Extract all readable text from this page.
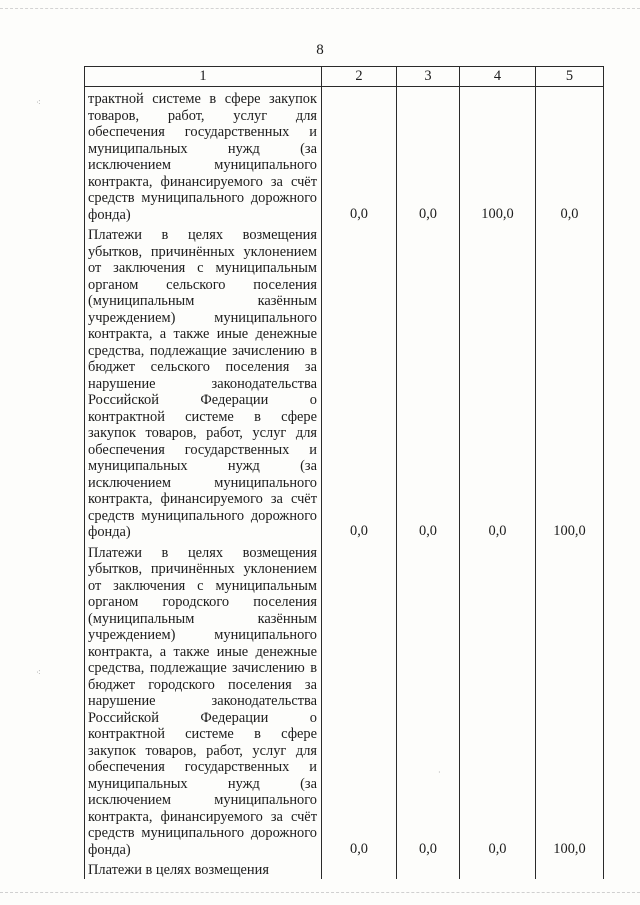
8
1	2	3	4	5
трактной системе в сфере закупок товаров, работ, услуг для обеспечения государственных и муниципальных нужд (за исключением муниципального контракта, финансируемого за счёт средств муниципального дорожного фонда)	0,0	0,0	100,0	0,0
Платежи в целях возмещения убытков, причинённых уклонением от заключения с муниципальным органом сельского поселения (муниципальным казённым учреждением) муниципального контракта, а также иные денежные средства, подлежащие зачислению в бюджет сельского поселения за нарушение законодательства Российской Федерации о контрактной системе в сфере закупок товаров, работ, услуг для обеспечения государственных и муниципальных нужд (за исключением муниципального контракта, финансируемого за счёт средств муниципального дорожного фонда)	0,0	0,0	0,0	100,0
Платежи в целях возмещения убытков, причинённых уклонением от заключения с муниципальным органом городского поселения (муниципальным казённым учреждением) муниципального контракта, а также иные денежные средства, подлежащие зачислению в бюджет городского поселения за нарушение законодательства Российской Федерации о контрактной системе в сфере закупок товаров, работ, услуг для обеспечения государственных и муниципальных нужд (за исключением муниципального контракта, финансируемого за счёт средств муниципального дорожного фонда)	0,0	0,0	0,0	100,0
Платежи в целях возмещения				
⁖
⁖
·
